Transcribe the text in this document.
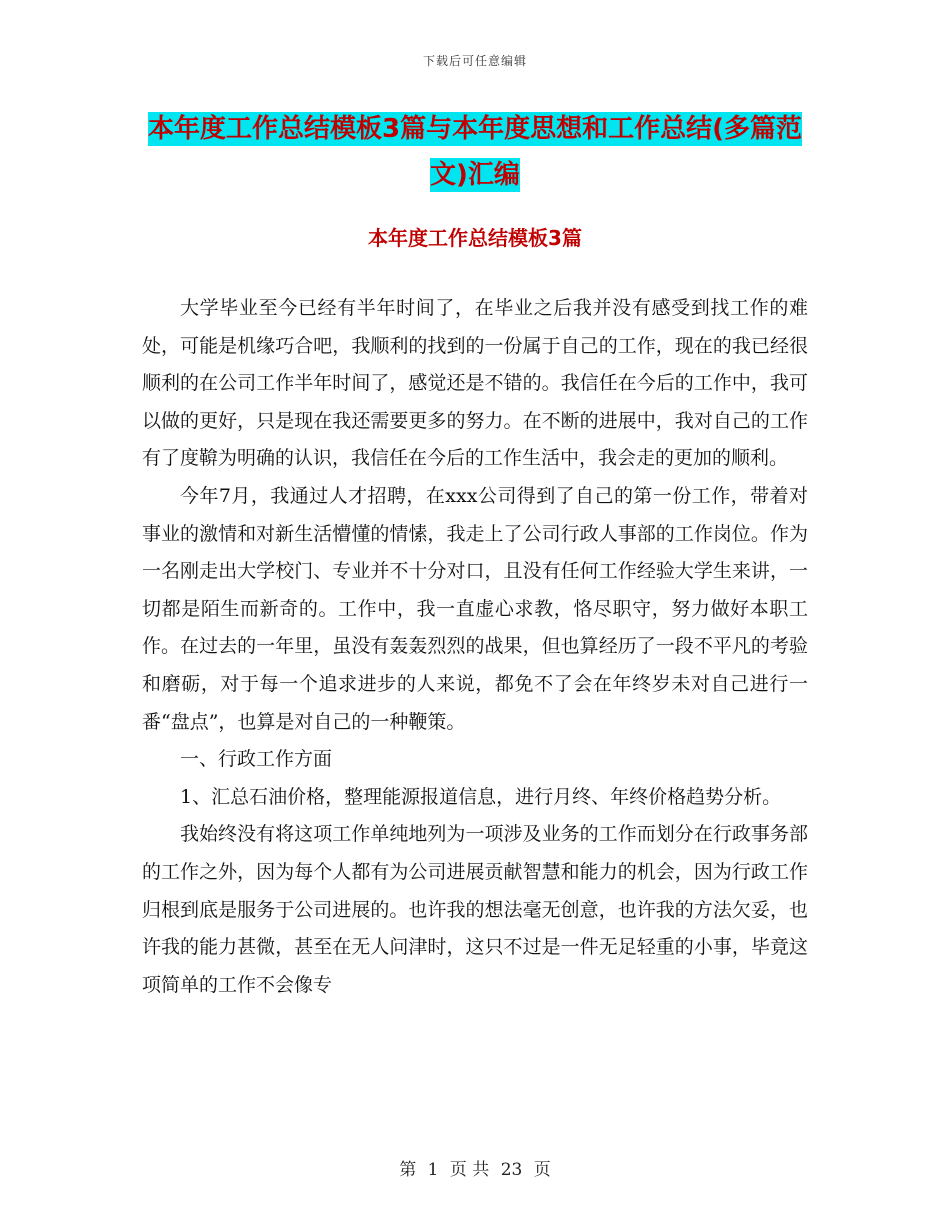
下载后可任意编辑
本年度工作总结模板3篇与本年度思想和工作总结(多篇范文)汇编
本年度工作总结模板3篇

大学毕业至今已经有半年时间了，在毕业之后我并没有感受到找工作的难处，可能是机缘巧合吧，我顺利的找到的一份属于自己的工作，现在的我已经很顺利的在公司工作半年时间了，感觉还是不错的。我信任在今后的工作中，我可以做的更好，只是现在我还需要更多的努力。在不断的进展中，我对自己的工作有了度鞥为明确的认识，我信任在今后的工作生活中，我会走的更加的顺利。

今年7月，我通过人才招聘，在xxx公司得到了自己的第一份工作，带着对事业的激情和对新生活懵懂的情愫，我走上了公司行政人事部的工作岗位。作为一名刚走出大学校门、专业并不十分对口，且没有任何工作经验大学生来讲，一切都是陌生而新奇的。工作中，我一直虚心求教，恪尽职守，努力做好本职工作。在过去的一年里，虽没有轰轰烈烈的战果，但也算经历了一段不平凡的考验和磨砺，对于每一个追求进步的人来说，都免不了会在年终岁未对自己进行一番“盘点”，也算是对自己的一种鞭策。

一、行政工作方面

1、汇总石油价格，整理能源报道信息，进行月终、年终价格趋势分析。

我始终没有将这项工作单纯地列为一项涉及业务的工作而划分在行政事务部的工作之外，因为每个人都有为公司进展贡献智慧和能力的机会，因为行政工作归根到底是服务于公司进展的。也许我的想法毫无创意，也许我的方法欠妥，也许我的能力甚微，甚至在无人问津时，这只不过是一件无足轻重的小事，毕竟这项简单的工作不会像专

第 1 页 共 23 页
